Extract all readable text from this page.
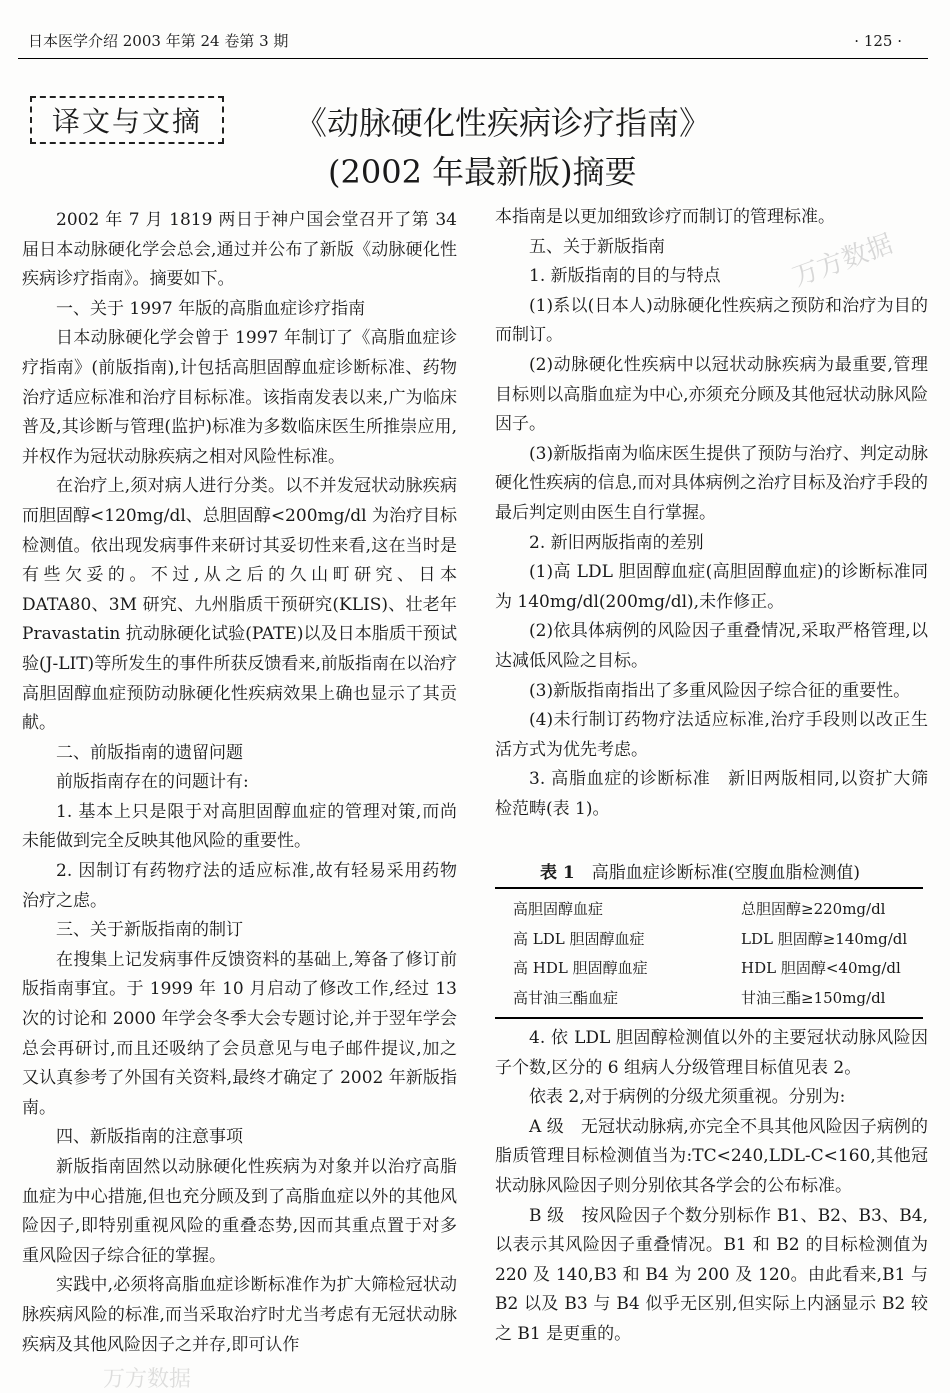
日本医学介绍 2003 年第 24 卷第 3 期	· 125 ·
译文与文摘	《动脉硬化性疾病诊疗指南》
(2002 年最新版)摘要

2002 年 7 月 1819 两日于神户国会堂召开了第 34 届日本动脉硬化学会总会,通过并公布了新版《动脉硬化性疾病诊疗指南》。摘要如下。

一、关于 1997 年版的高脂血症诊疗指南

日本动脉硬化学会曾于 1997 年制订了《高脂血症诊疗指南》(前版指南),计包括高胆固醇血症诊断标准、药物治疗适应标准和治疗目标标准。该指南发表以来,广为临床普及,其诊断与管理(监护)标准为多数临床医生所推崇应用,并权作为冠状动脉疾病之相对风险性标准。

在治疗上,须对病人进行分类。以不并发冠状动脉疾病而胆固醇<120mg/dl、总胆固醇<200mg/dl 为治疗目标检测值。依出现发病事件来研讨其妥切性来看,这在当时是有些欠妥的。不过,从之后的久山町研究、日本 DATA80、3M 研究、九州脂质干预研究(KLIS)、壮老年 Pravastatin 抗动脉硬化试验(PATE)以及日本脂质干预试验(J-LIT)等所发生的事件所获反馈看来,前版指南在以治疗高胆固醇血症预防动脉硬化性疾病效果上确也显示了其贡献。

二、前版指南的遗留问题

前版指南存在的问题计有:

1. 基本上只是限于对高胆固醇血症的管理对策,而尚未能做到完全反映其他风险的重要性。

2. 因制订有药物疗法的适应标准,故有轻易采用药物治疗之虑。

三、关于新版指南的制订

在搜集上记发病事件反馈资料的基础上,筹备了修订前版指南事宜。于 1999 年 10 月启动了修改工作,经过 13 次的讨论和 2000 年学会冬季大会专题讨论,并于翌年学会总会再研讨,而且还吸纳了会员意见与电子邮件提议,加之又认真参考了外国有关资料,最终才确定了 2002 年新版指南。

四、新版指南的注意事项

新版指南固然以动脉硬化性疾病为对象并以治疗高脂血症为中心措施,但也充分顾及到了高脂血症以外的其他风险因子,即特别重视风险的重叠态势,因而其重点置于对多重风险因子综合征的掌握。

实践中,必须将高脂血症诊断标准作为扩大筛检冠状动脉疾病风险的标准,而当采取治疗时尤当考虑有无冠状动脉疾病及其他风险因子之并存,即可认作

本指南是以更加细致诊疗而制订的管理标准。

五、关于新版指南

1. 新版指南的目的与特点

(1)系以(日本人)动脉硬化性疾病之预防和治疗为目的而制订。

(2)动脉硬化性疾病中以冠状动脉疾病为最重要,管理目标则以高脂血症为中心,亦须充分顾及其他冠状动脉风险因子。

(3)新版指南为临床医生提供了预防与治疗、判定动脉硬化性疾病的信息,而对具体病例之治疗目标及治疗手段的最后判定则由医生自行掌握。

2. 新旧两版指南的差别

(1)高 LDL 胆固醇血症(高胆固醇血症)的诊断标准同为 140mg/dl(200mg/dl),未作修正。

(2)依具体病例的风险因子重叠情况,采取严格管理,以达减低风险之目标。

(3)新版指南指出了多重风险因子综合征的重要性。

(4)未行制订药物疗法适应标准,治疗手段则以改正生活方式为优先考虑。

3. 高脂血症的诊断标准　新旧两版相同,以资扩大筛检范畴(表 1)。

表 1　 高脂血症诊断标准(空腹血脂检测值)
高胆固醇血症	总胆固醇≥220mg/dl
高 LDL 胆固醇血症	LDL 胆固醇≥140mg/dl
高 HDL 胆固醇血症	HDL 胆固醇<40mg/dl
高甘油三酯血症	甘油三酯≥150mg/dl

4. 依 LDL 胆固醇检测值以外的主要冠状动脉风险因子个数,区分的 6 组病人分级管理目标值见表 2。

依表 2,对于病例的分级尤须重视。分别为:

A 级　无冠状动脉病,亦完全不具其他风险因子病例的脂质管理目标检测值当为:TC<240,LDL-C<160,其他冠状动脉风险因子则分别依其各学会的公布标准。

B 级　按风险因子个数分别标作 B1、B2、B3、B4,以表示其风险因子重叠情况。B1 和 B2 的目标检测值为 220 及 140,B3 和 B4 为 200 及 120。由此看来,B1 与 B2 以及 B3 与 B4 似乎无区别,但实际上内涵显示 B2 较之 B1 是更重的。

万方数据
万方数据
